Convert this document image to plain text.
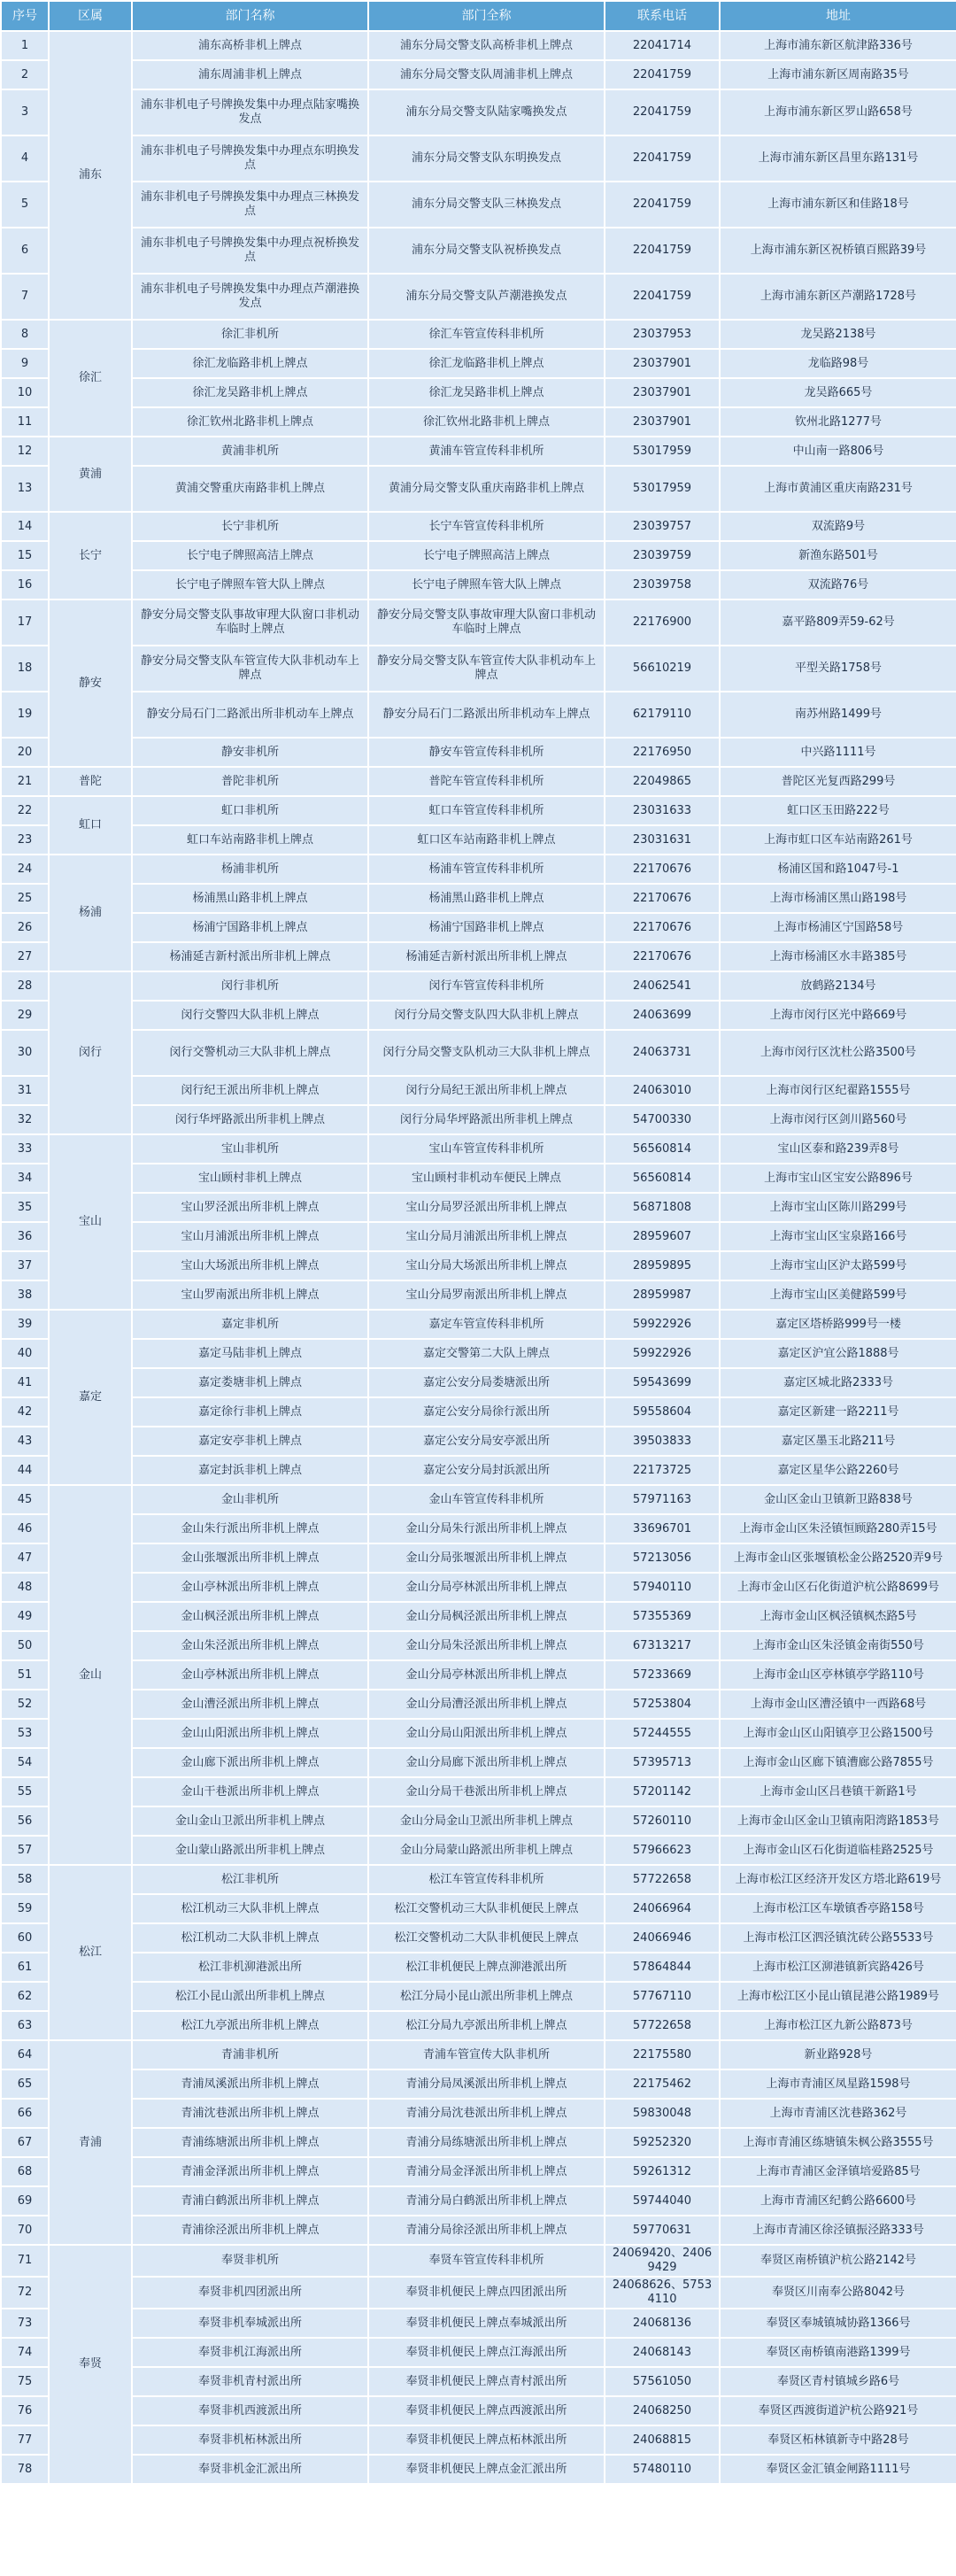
序号	区属	部门名称	部门全称	联系电话	地址
1	浦东	浦东高桥非机上牌点	浦东分局交警支队高桥非机上牌点	22041714	上海市浦东新区航津路336号
2		浦东周浦非机上牌点	浦东分局交警支队周浦非机上牌点	22041759	上海市浦东新区周南路35号
3		浦东非机电子号牌换发集中办理点陆家嘴换发点	浦东分局交警支队陆家嘴换发点	22041759	上海市浦东新区罗山路658号
4		浦东非机电子号牌换发集中办理点东明换发点	浦东分局交警支队东明换发点	22041759	上海市浦东新区昌里东路131号
5		浦东非机电子号牌换发集中办理点三林换发点	浦东分局交警支队三林换发点	22041759	上海市浦东新区和佳路18号
6		浦东非机电子号牌换发集中办理点祝桥换发点	浦东分局交警支队祝桥换发点	22041759	上海市浦东新区祝桥镇百熙路39号
7		浦东非机电子号牌换发集中办理点芦潮港换发点	浦东分局交警支队芦潮港换发点	22041759	上海市浦东新区芦潮路1728号
8	徐汇	徐汇非机所	徐汇车管宣传科非机所	23037953	龙吴路2138号
9		徐汇龙临路非机上牌点	徐汇龙临路非机上牌点	23037901	龙临路98号
10		徐汇龙吴路非机上牌点	徐汇龙吴路非机上牌点	23037901	龙吴路665号
11		徐汇钦州北路非机上牌点	徐汇钦州北路非机上牌点	23037901	钦州北路1277号
12	黄浦	黄浦非机所	黄浦车管宣传科非机所	53017959	中山南一路806号
13		黄浦交警重庆南路非机上牌点	黄浦分局交警支队重庆南路非机上牌点	53017959	上海市黄浦区重庆南路231号
14	长宁	长宁非机所	长宁车管宣传科非机所	23039757	双流路9号
15		长宁电子牌照高洁上牌点	长宁电子牌照高洁上牌点	23039759	新渔东路501号
16		长宁电子牌照车管大队上牌点	长宁电子牌照车管大队上牌点	23039758	双流路76号
17	静安	静安分局交警支队事故审理大队窗口非机动车临时上牌点	静安分局交警支队事故审理大队窗口非机动车临时上牌点	22176900	嘉平路809弄59-62号
18		静安分局交警支队车管宣传大队非机动车上牌点	静安分局交警支队车管宣传大队非机动车上牌点	56610219	平型关路1758号
19		静安分局石门二路派出所非机动车上牌点	静安分局石门二路派出所非机动车上牌点	62179110	南苏州路1499号
20		静安非机所	静安车管宣传科非机所	22176950	中兴路1111号
21	普陀	普陀非机所	普陀车管宣传科非机所	22049865	普陀区光复西路299号
22	虹口	虹口非机所	虹口车管宣传科非机所	23031633	虹口区玉田路222号
23		虹口车站南路非机上牌点	虹口区车站南路非机上牌点	23031631	上海市虹口区车站南路261号
24	杨浦	杨浦非机所	杨浦车管宣传科非机所	22170676	杨浦区国和路1047号-1
25		杨浦黑山路非机上牌点	杨浦黑山路非机上牌点	22170676	上海市杨浦区黑山路198号
26		杨浦宁国路非机上牌点	杨浦宁国路非机上牌点	22170676	上海市杨浦区宁国路58号
27		杨浦延吉新村派出所非机上牌点	杨浦延吉新村派出所非机上牌点	22170676	上海市杨浦区水丰路385号
28	闵行	闵行非机所	闵行车管宣传科非机所	24062541	放鹤路2134号
29		闵行交警四大队非机上牌点	闵行分局交警支队四大队非机上牌点	24063699	上海市闵行区光中路669号
30		闵行交警机动三大队非机上牌点	闵行分局交警支队机动三大队非机上牌点	24063731	上海市闵行区沈杜公路3500号
31		闵行纪王派出所非机上牌点	闵行分局纪王派出所非机上牌点	24063010	上海市闵行区纪翟路1555号
32		闵行华坪路派出所非机上牌点	闵行分局华坪路派出所非机上牌点	54700330	上海市闵行区剑川路560号
33	宝山	宝山非机所	宝山车管宣传科非机所	56560814	宝山区泰和路239弄8号
34		宝山顾村非机上牌点	宝山顾村非机动车便民上牌点	56560814	上海市宝山区宝安公路896号
35		宝山罗泾派出所非机上牌点	宝山分局罗泾派出所非机上牌点	56871808	上海市宝山区陈川路299号
36		宝山月浦派出所非机上牌点	宝山分局月浦派出所非机上牌点	28959607	上海市宝山区宝泉路166号
37		宝山大场派出所非机上牌点	宝山分局大场派出所非机上牌点	28959895	上海市宝山区沪太路599号
38		宝山罗南派出所非机上牌点	宝山分局罗南派出所非机上牌点	28959987	上海市宝山区美健路599号
39	嘉定	嘉定非机所	嘉定车管宣传科非机所	59922926	嘉定区塔桥路999号一楼
40		嘉定马陆非机上牌点	嘉定交警第二大队上牌点	59922926	嘉定区沪宜公路1888号
41		嘉定娄塘非机上牌点	嘉定公安分局娄塘派出所	59543699	嘉定区城北路2333号
42		嘉定徐行非机上牌点	嘉定公安分局徐行派出所	59558604	嘉定区新建一路2211号
43		嘉定安亭非机上牌点	嘉定公安分局安亭派出所	39503833	嘉定区墨玉北路211号
44		嘉定封浜非机上牌点	嘉定公安分局封浜派出所	22173725	嘉定区星华公路2260号
45	金山	金山非机所	金山车管宣传科非机所	57971163	金山区金山卫镇新卫路838号
46		金山朱行派出所非机上牌点	金山分局朱行派出所非机上牌点	33696701	上海市金山区朱泾镇恒顾路280弄15号
47		金山张堰派出所非机上牌点	金山分局张堰派出所非机上牌点	57213056	上海市金山区张堰镇松金公路2520弄9号
48		金山亭林派出所非机上牌点	金山分局亭林派出所非机上牌点	57940110	上海市金山区石化街道沪杭公路8699号
49		金山枫泾派出所非机上牌点	金山分局枫泾派出所非机上牌点	57355369	上海市金山区枫泾镇枫杰路5号
50		金山朱泾派出所非机上牌点	金山分局朱泾派出所非机上牌点	67313217	上海市金山区朱泾镇金南街550号
51		金山亭林派出所非机上牌点	金山分局亭林派出所非机上牌点	57233669	上海市金山区亭林镇亭学路110号
52		金山漕泾派出所非机上牌点	金山分局漕泾派出所非机上牌点	57253804	上海市金山区漕泾镇中一西路68号
53		金山山阳派出所非机上牌点	金山分局山阳派出所非机上牌点	57244555	上海市金山区山阳镇亭卫公路1500号
54		金山廊下派出所非机上牌点	金山分局廊下派出所非机上牌点	57395713	上海市金山区廊下镇漕廊公路7855号
55		金山干巷派出所非机上牌点	金山分局干巷派出所非机上牌点	57201142	上海市金山区吕巷镇干新路1号
56		金山金山卫派出所非机上牌点	金山分局金山卫派出所非机上牌点	57260110	上海市金山区金山卫镇南阳湾路1853号
57		金山蒙山路派出所非机上牌点	金山分局蒙山路派出所非机上牌点	57966623	上海市金山区石化街道临桂路2525号
58	松江	松江非机所	松江车管宣传科非机所	57722658	上海市松江区经济开发区方塔北路619号
59		松江机动三大队非机上牌点	松江交警机动三大队非机便民上牌点	24066964	上海市松江区车墩镇香亭路158号
60		松江机动二大队非机上牌点	松江交警机动二大队非机便民上牌点	24066946	上海市松江区泗泾镇沈砖公路5533号
61		松江非机泖港派出所	松江非机便民上牌点泖港派出所	57864844	上海市松江区泖港镇新宾路426号
62		松江小昆山派出所非机上牌点	松江分局小昆山派出所非机上牌点	57767110	上海市松江区小昆山镇昆港公路1989号
63		松江九亭派出所非机上牌点	松江分局九亭派出所非机上牌点	57722658	上海市松江区九新公路873号
64	青浦	青浦非机所	青浦车管宣传大队非机所	22175580	新业路928号
65		青浦凤溪派出所非机上牌点	青浦分局凤溪派出所非机上牌点	22175462	上海市青浦区凤星路1598号
66		青浦沈巷派出所非机上牌点	青浦分局沈巷派出所非机上牌点	59830048	上海市青浦区沈巷路362号
67		青浦练塘派出所非机上牌点	青浦分局练塘派出所非机上牌点	59252320	上海市青浦区练塘镇朱枫公路3555号
68		青浦金泽派出所非机上牌点	青浦分局金泽派出所非机上牌点	59261312	上海市青浦区金泽镇培爱路85号
69		青浦白鹤派出所非机上牌点	青浦分局白鹤派出所非机上牌点	59744040	上海市青浦区纪鹤公路6600号
70		青浦徐泾派出所非机上牌点	青浦分局徐泾派出所非机上牌点	59770631	上海市青浦区徐泾镇振泾路333号
71	奉贤	奉贤非机所	奉贤车管宣传科非机所	24069420、24069429	奉贤区南桥镇沪杭公路2142号
72		奉贤非机四团派出所	奉贤非机便民上牌点四团派出所	24068626、57534110	奉贤区川南奉公路8042号
73		奉贤非机奉城派出所	奉贤非机便民上牌点奉城派出所	24068136	奉贤区奉城镇城协路1366号
74		奉贤非机江海派出所	奉贤非机便民上牌点江海派出所	24068143	奉贤区南桥镇南港路1399号
75		奉贤非机青村派出所	奉贤非机便民上牌点青村派出所	57561050	奉贤区青村镇城乡路6号
76		奉贤非机西渡派出所	奉贤非机便民上牌点西渡派出所	24068250	奉贤区西渡街道沪杭公路921号
77		奉贤非机柘林派出所	奉贤非机便民上牌点柘林派出所	24068815	奉贤区柘林镇新寺中路28号
78		奉贤非机金汇派出所	奉贤非机便民上牌点金汇派出所	57480110	奉贤区金汇镇金闸路1111号
